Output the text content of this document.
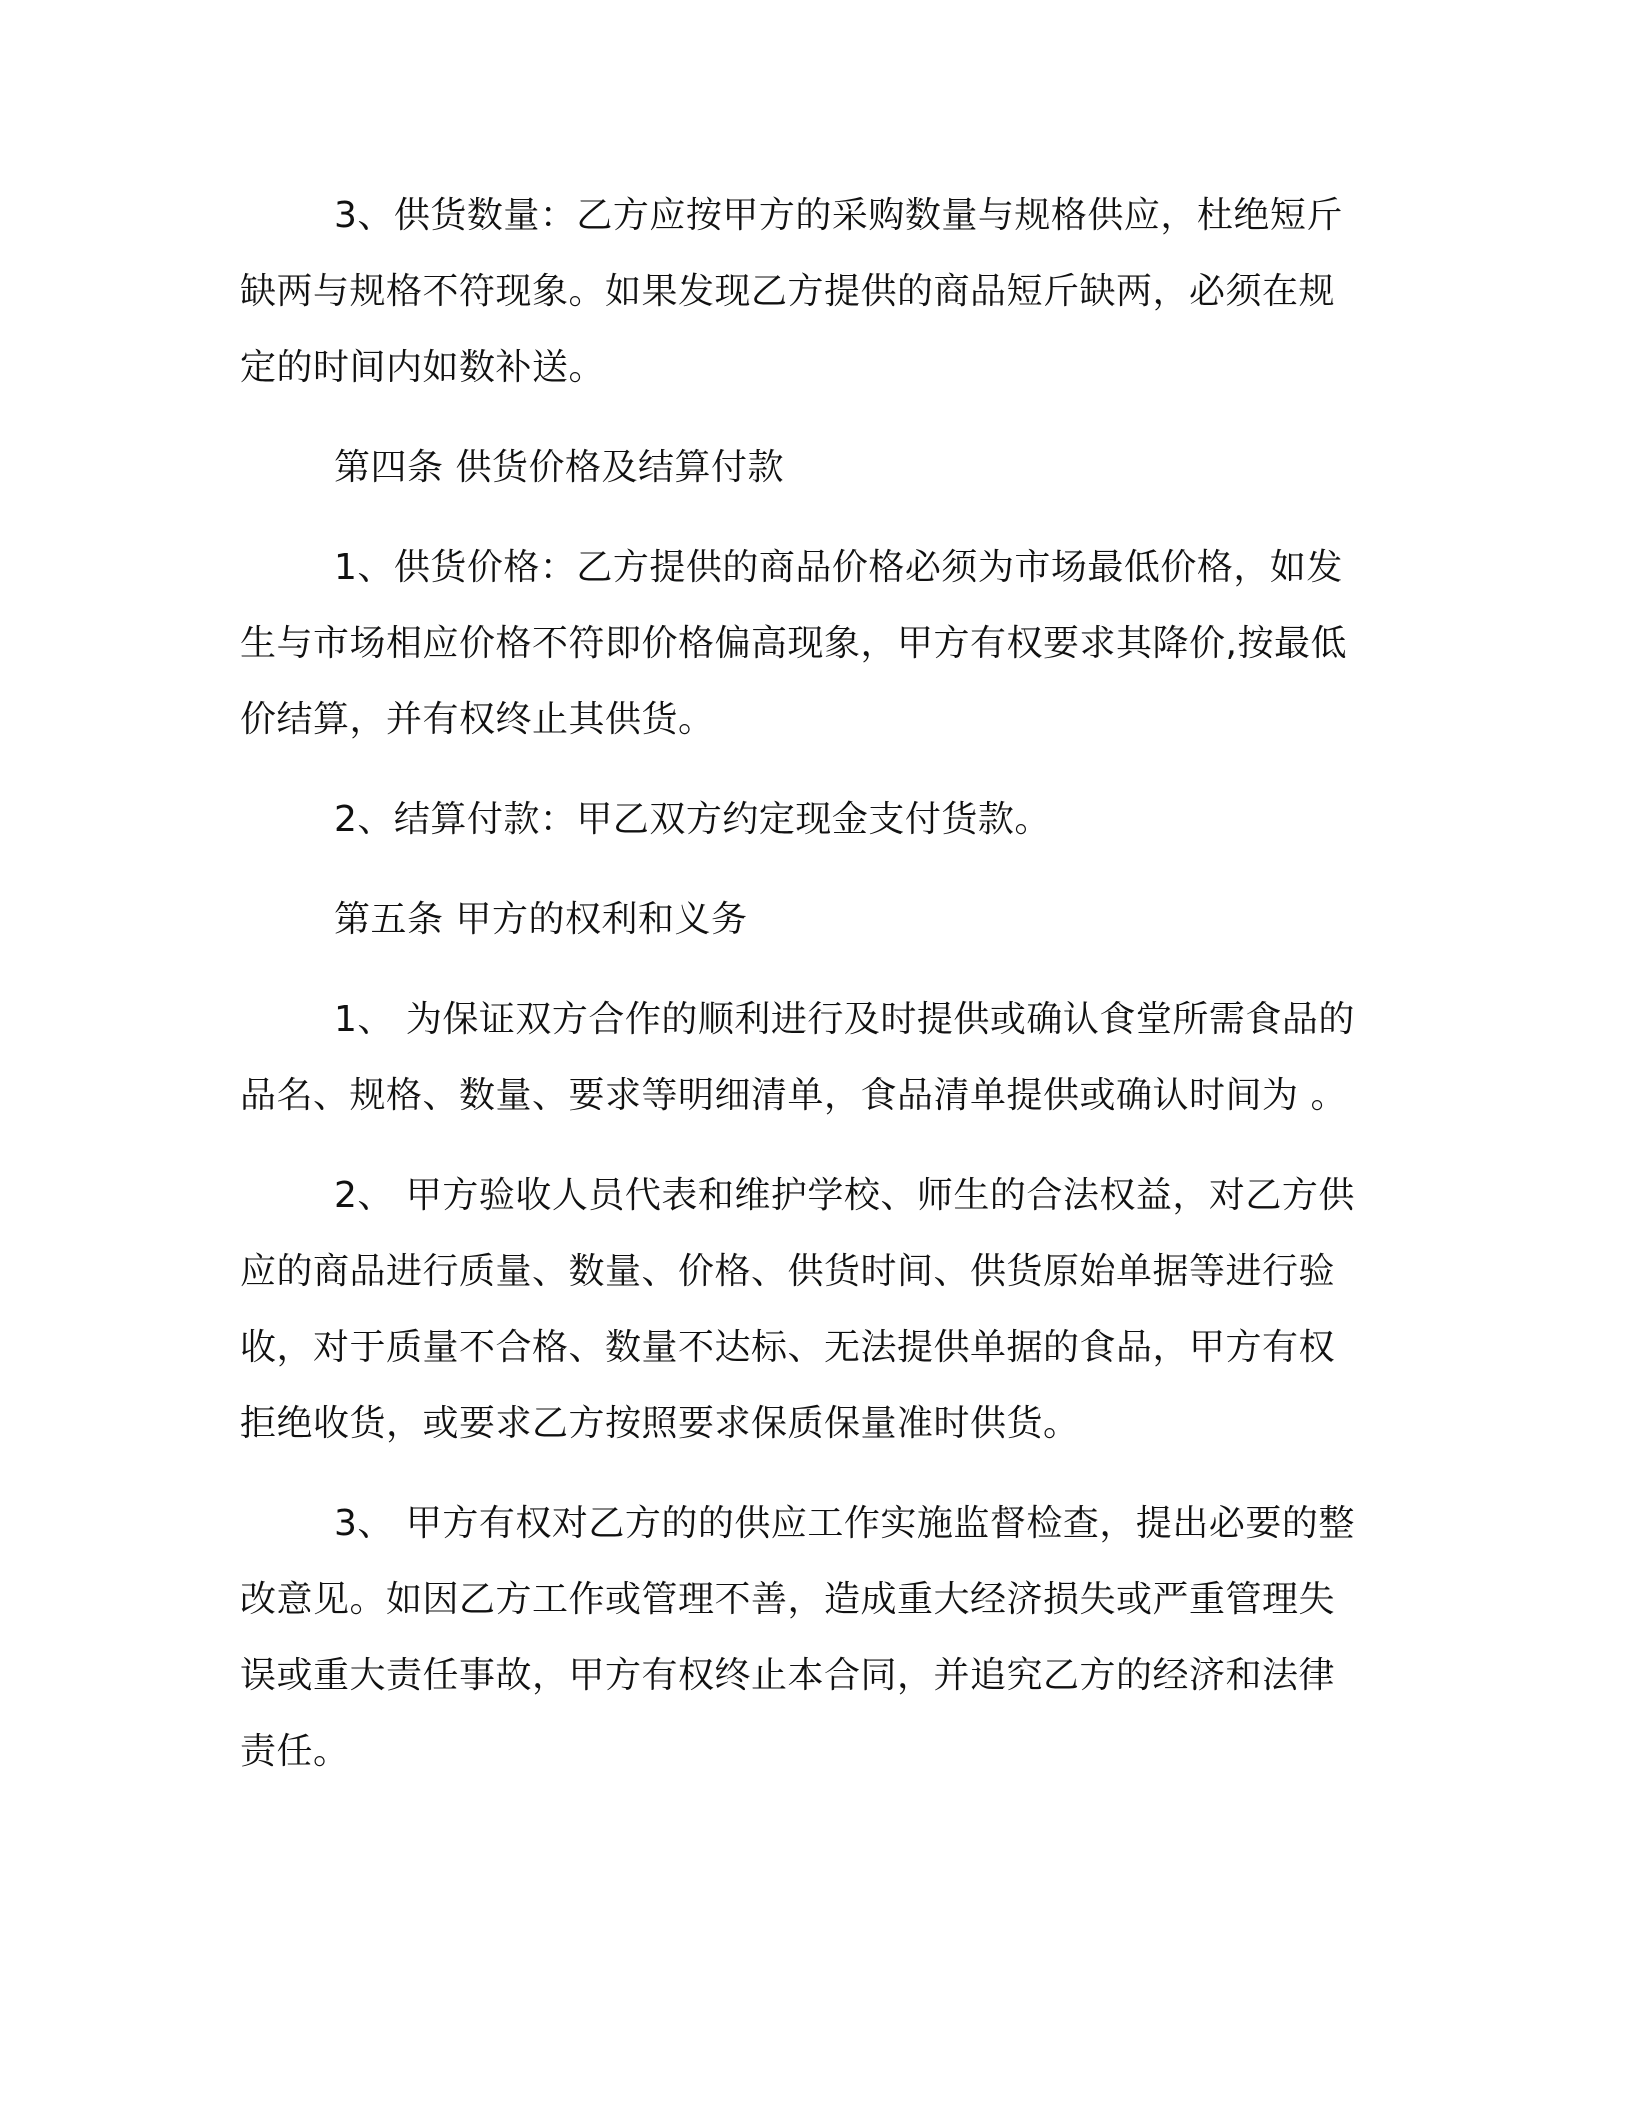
3、供货数量：乙方应按甲方的采购数量与规格供应，杜绝短斤缺两与规格不符现象。如果发现乙方提供的商品短斤缺两，必须在规定的时间内如数补送。

第四条 供货价格及结算付款

1、供货价格：乙方提供的商品价格必须为市场最低价格，如发生与市场相应价格不符即价格偏高现象，甲方有权要求其降价,按最低价结算，并有权终止其供货。

2、结算付款：甲乙双方约定现金支付货款。

第五条 甲方的权利和义务

1、 为保证双方合作的顺利进行及时提供或确认食堂所需食品的品名、规格、数量、要求等明细清单，食品清单提供或确认时间为 。

2、 甲方验收人员代表和维护学校、师生的合法权益，对乙方供应的商品进行质量、数量、价格、供货时间、供货原始单据等进行验收，对于质量不合格、数量不达标、无法提供单据的食品，甲方有权拒绝收货，或要求乙方按照要求保质保量准时供货。

3、 甲方有权对乙方的的供应工作实施监督检查，提出必要的整改意见。如因乙方工作或管理不善，造成重大经济损失或严重管理失误或重大责任事故，甲方有权终止本合同，并追究乙方的经济和法律责任。
